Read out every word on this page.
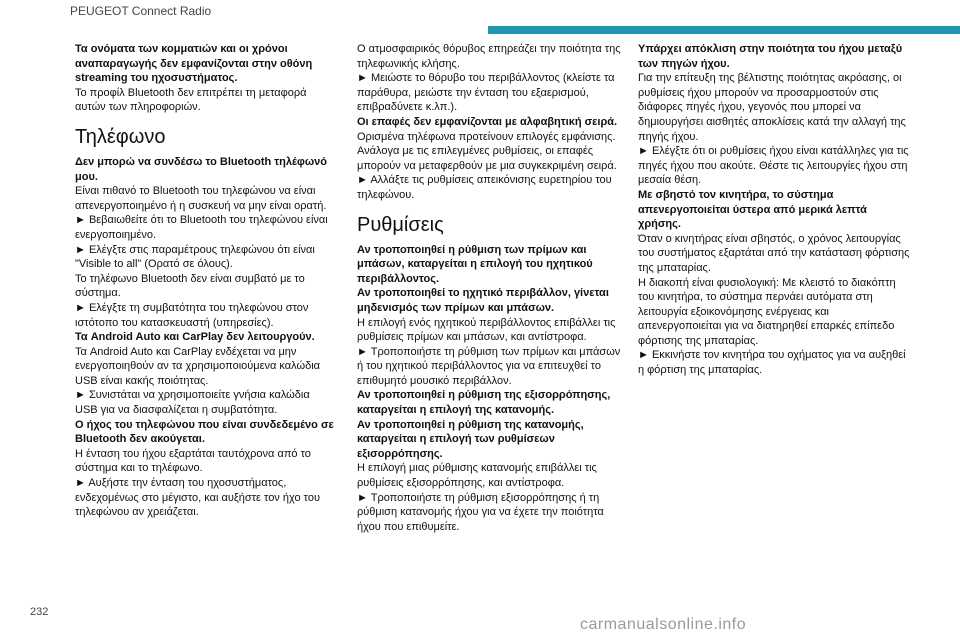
PEUGEOT Connect Radio

Τα ονόματα των κομματιών και οι χρόνοι αναπαραγωγής δεν εμφανίζονται στην οθόνη streaming του ηχοσυστήματος.

Το προφίλ Bluetooth δεν επιτρέπει τη μεταφορά αυτών των πληροφοριών.

Τηλέφωνο

Δεν μπορώ να συνδέσω το Bluetooth τηλέφωνό μου.

Είναι πιθανό το Bluetooth του τηλεφώνου να είναι απενεργοποιημένο ή η συσκευή να μην είναι ορατή.

► Βεβαιωθείτε ότι το Bluetooth του τηλεφώνου είναι ενεργοποιημένο.

► Ελέγξτε στις παραμέτρους τηλεφώνου ότι είναι "Visible to all" (Ορατό σε όλους).

Το τηλέφωνο Bluetooth δεν είναι συμβατό με το σύστημα.

► Ελέγξτε τη συμβατότητα του τηλεφώνου στον ιστότοπο του κατασκευαστή (υπηρεσίες).

Τα Android Auto και CarPlay δεν λειτουργούν.

Τα Android Auto και CarPlay ενδέχεται να μην ενεργοποιηθούν αν τα χρησιμοποιούμενα καλώδια USB είναι κακής ποιότητας.

► Συνιστάται να χρησιμοποιείτε γνήσια καλώδια USB για να διασφαλίζεται η συμβατότητα.

Ο ήχος του τηλεφώνου που είναι συνδεδεμένο σε Bluetooth δεν ακούγεται.

Η ένταση του ήχου εξαρτάται ταυτόχρονα από το σύστημα και το τηλέφωνο.

► Αυξήστε την ένταση του ηχοσυστήματος, ενδεχομένως στο μέγιστο, και αυξήστε τον ήχο του τηλεφώνου αν χρειάζεται.

Ο ατμοσφαιρικός θόρυβος επηρεάζει την ποιότητα της τηλεφωνικής κλήσης.

► Μειώστε το θόρυβο του περιβάλλοντος (κλείστε τα παράθυρα, μειώστε την ένταση του εξαερισμού, επιβραδύνετε κ.λπ.).

Οι επαφές δεν εμφανίζονται με αλφαβητική σειρά.

Ορισμένα τηλέφωνα προτείνουν επιλογές εμφάνισης. Ανάλογα με τις επιλεγμένες ρυθμίσεις, οι επαφές μπορούν να μεταφερθούν με μια συγκεκριμένη σειρά.

► Αλλάξτε τις ρυθμίσεις απεικόνισης ευρετηρίου του τηλεφώνου.

Ρυθμίσεις

Αν τροποποιηθεί η ρύθμιση των πρίμων και μπάσων, καταργείται η επιλογή του ηχητικού περιβάλλοντος.

Αν τροποποιηθεί το ηχητικό περιβάλλον, γίνεται μηδενισμός των πρίμων και μπάσων.

Η επιλογή ενός ηχητικού περιβάλλοντος επιβάλλει τις ρυθμίσεις πρίμων και μπάσων, και αντίστροφα.

► Τροποποιήστε τη ρύθμιση των πρίμων και μπάσων ή του ηχητικού περιβάλλοντος για να επιτευχθεί το επιθυμητό μουσικό περιβάλλον.

Αν τροποποιηθεί η ρύθμιση της εξισορρόπησης, καταργείται η επιλογή της κατανομής.

Αν τροποποιηθεί η ρύθμιση της κατανομής, καταργείται η επιλογή των ρυθμίσεων εξισορρόπησης.

Η επιλογή μιας ρύθμισης κατανομής επιβάλλει τις ρυθμίσεις εξισορρόπησης, και αντίστροφα.

► Τροποποιήστε τη ρύθμιση εξισορρόπησης ή τη ρύθμιση κατανομής ήχου για να έχετε την ποιότητα ήχου που επιθυμείτε.

Υπάρχει απόκλιση στην ποιότητα του ήχου μεταξύ των πηγών ήχου.

Για την επίτευξη της βέλτιστης ποιότητας ακρόασης, οι ρυθμίσεις ήχου μπορούν να προσαρμοστούν στις διάφορες πηγές ήχου, γεγονός που μπορεί να δημιουργήσει αισθητές αποκλίσεις κατά την αλλαγή της πηγής ήχου.

► Ελέγξτε ότι οι ρυθμίσεις ήχου είναι κατάλληλες για τις πηγές ήχου που ακούτε. Θέστε τις λειτουργίες ήχου στη μεσαία θέση.

Με σβηστό τον κινητήρα, το σύστημα απενεργοποιείται ύστερα από μερικά λεπτά χρήσης.

Όταν ο κινητήρας είναι σβηστός, ο χρόνος λειτουργίας του συστήματος εξαρτάται από την κατάσταση φόρτισης της μπαταρίας.

Η διακοπή είναι φυσιολογική: Με κλειστό το διακόπτη του κινητήρα, το σύστημα περνάει αυτόματα στη λειτουργία εξοικονόμησης ενέργειας και απενεργοποιείται για να διατηρηθεί επαρκές επίπεδο φόρτισης της μπαταρίας.

► Εκκινήστε τον κινητήρα του οχήματος για να αυξηθεί η φόρτιση της μπαταρίας.

232
carmanualsonline.info
